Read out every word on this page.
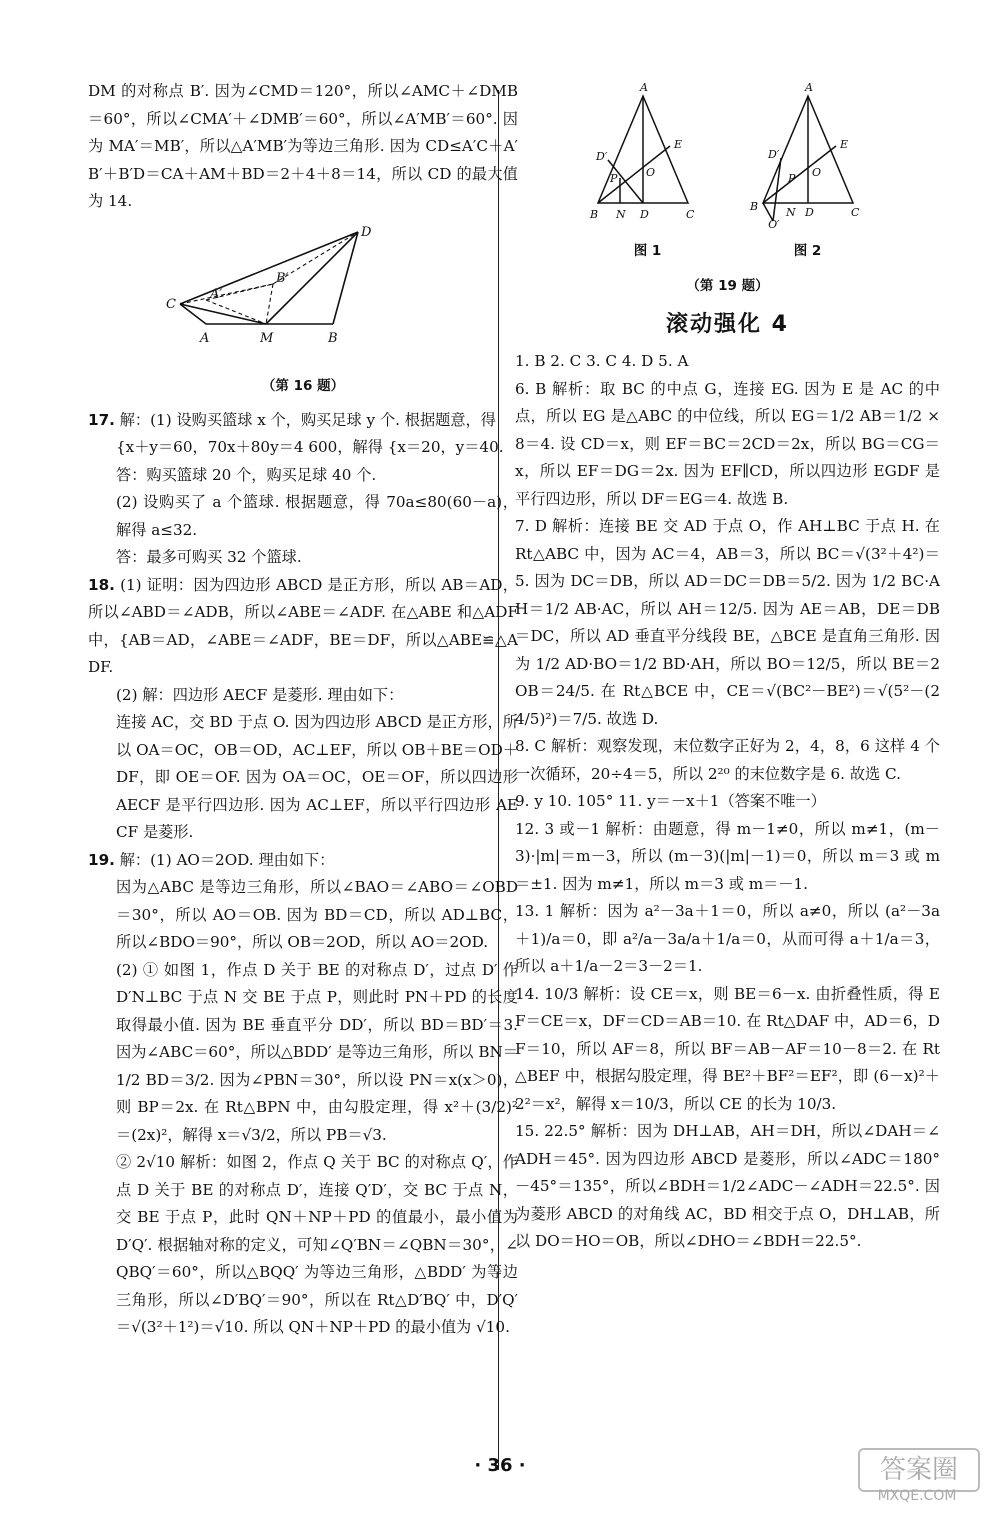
DM 的对称点 B′. 因为∠CMD＝120°，所以∠AMC＋∠DMB＝60°，所以∠CMA′＋∠DMB′＝60°，所以∠A′MB′＝60°. 因为 MA′＝MB′，所以△A′MB′为等边三角形. 因为 CD≤A′C＋A′B′＋B′D＝CA＋AM＋BD＝2＋4＋8＝14，所以 CD 的最大值为 14.

C
A	M	B
D
B′
A′
（第 16 题）

17. 解：(1) 设购买篮球 x 个，购买足球 y 个. 根据题意，得

{x＋y＝60，70x＋80y＝4 600，解得 {x＝20，y＝40.

答：购买篮球 20 个，购买足球 40 个.

(2) 设购买了 a 个篮球. 根据题意，得 70a≤80(60－a)，解得 a≤32.

答：最多可购买 32 个篮球.

18. (1) 证明：因为四边形 ABCD 是正方形，所以 AB＝AD，所以∠ABD＝∠ADB，所以∠ABE＝∠ADF. 在△ABE 和△ADF 中，{AB＝AD，∠ABE＝∠ADF，BE＝DF，所以△ABE≌△ADF.

(2) 解：四边形 AECF 是菱形. 理由如下：

连接 AC，交 BD 于点 O. 因为四边形 ABCD 是正方形，所以 OA＝OC，OB＝OD，AC⊥EF，所以 OB＋BE＝OD＋DF，即 OE＝OF. 因为 OA＝OC，OE＝OF，所以四边形 AECF 是平行四边形. 因为 AC⊥EF，所以平行四边形 AECF 是菱形.

19. 解：(1) AO＝2OD. 理由如下：

因为△ABC 是等边三角形，所以∠BAO＝∠ABO＝∠OBD＝30°，所以 AO＝OB. 因为 BD＝CD，所以 AD⊥BC，所以∠BDO＝90°，所以 OB＝2OD，所以 AO＝2OD.

(2) ① 如图 1，作点 D 关于 BE 的对称点 D′，过点 D′ 作 D′N⊥BC 于点 N 交 BE 于点 P，则此时 PN＋PD 的长度取得最小值. 因为 BE 垂直平分 DD′，所以 BD＝BD′＝3. 因为∠ABC＝60°，所以△BDD′ 是等边三角形，所以 BN＝1/2 BD＝3/2. 因为∠PBN＝30°，所以设 PN＝x(x＞0)，则 BP＝2x. 在 Rt△BPN 中，由勾股定理，得 x²＋(3/2)²＝(2x)²，解得 x＝√3/2，所以 PB＝√3.

② 2√10 解析：如图 2，作点 Q 关于 BC 的对称点 Q′，作点 D 关于 BE 的对称点 D′，连接 Q′D′，交 BC 于点 N，交 BE 于点 P，此时 QN＋NP＋PD 的值最小，最小值为 D′Q′. 根据轴对称的定义，可知∠Q′BN＝∠QBN＝30°，∠QBQ′＝60°，所以△BQQ′ 为等边三角形，△BDD′ 为等边三角形，所以∠D′BQ′＝90°，所以在 Rt△D′BQ′ 中，D′Q′＝√(3²＋1²)＝√10. 所以 QN＋NP＋PD 的最小值为 √10.

A
B N D	C
E
O
D′
P
图 1
A
B	N D	C
E
O
D′
P
Q′
图 2
（第 19 题）
滚动强化 4

1. B 2. C 3. C 4. D 5. A

6. B 解析：取 BC 的中点 G，连接 EG. 因为 E 是 AC 的中点，所以 EG 是△ABC 的中位线，所以 EG＝1/2 AB＝1/2 × 8＝4. 设 CD＝x，则 EF＝BC＝2CD＝2x，所以 BG＝CG＝x，所以 EF＝DG＝2x. 因为 EF∥CD，所以四边形 EGDF 是平行四边形，所以 DF＝EG＝4. 故选 B.

7. D 解析：连接 BE 交 AD 于点 O，作 AH⊥BC 于点 H. 在 Rt△ABC 中，因为 AC＝4，AB＝3，所以 BC＝√(3²＋4²)＝5. 因为 DC＝DB，所以 AD＝DC＝DB＝5/2. 因为 1/2 BC·AH＝1/2 AB·AC，所以 AH＝12/5. 因为 AE＝AB，DE＝DB＝DC，所以 AD 垂直平分线段 BE，△BCE 是直角三角形. 因为 1/2 AD·BO＝1/2 BD·AH，所以 BO＝12/5，所以 BE＝2OB＝24/5. 在 Rt△BCE 中，CE＝√(BC²－BE²)＝√(5²－(24/5)²)＝7/5. 故选 D.

8. C 解析：观察发现，末位数字正好为 2，4，8，6 这样 4 个一次循环，20÷4＝5，所以 2²⁰ 的末位数字是 6. 故选 C.

9. y 10. 105° 11. y＝－x＋1（答案不唯一）

12. 3 或－1 解析：由题意，得 m－1≠0，所以 m≠1，(m－3)·|m|＝m－3，所以 (m－3)(|m|－1)＝0，所以 m＝3 或 m＝±1. 因为 m≠1，所以 m＝3 或 m＝－1.

13. 1 解析：因为 a²－3a＋1＝0，所以 a≠0，所以 (a²－3a＋1)/a＝0，即 a²/a－3a/a＋1/a＝0，从而可得 a＋1/a＝3，所以 a＋1/a－2＝3－2＝1.

14. 10/3 解析：设 CE＝x，则 BE＝6－x. 由折叠性质，得 EF＝CE＝x，DF＝CD＝AB＝10. 在 Rt△DAF 中，AD＝6，DF＝10，所以 AF＝8，所以 BF＝AB－AF＝10－8＝2. 在 Rt△BEF 中，根据勾股定理，得 BE²＋BF²＝EF²，即 (6－x)²＋2²＝x²，解得 x＝10/3，所以 CE 的长为 10/3.

15. 22.5° 解析：因为 DH⊥AB，AH＝DH，所以∠DAH＝∠ADH＝45°. 因为四边形 ABCD 是菱形，所以∠ADC＝180°－45°＝135°，所以∠BDH＝1/2∠ADC－∠ADH＝22.5°. 因为菱形 ABCD 的对角线 AC，BD 相交于点 O，DH⊥AB，所以 DO＝HO＝OB，所以∠DHO＝∠BDH＝22.5°.

· 36 ·	答案圈
MXQE.COM
